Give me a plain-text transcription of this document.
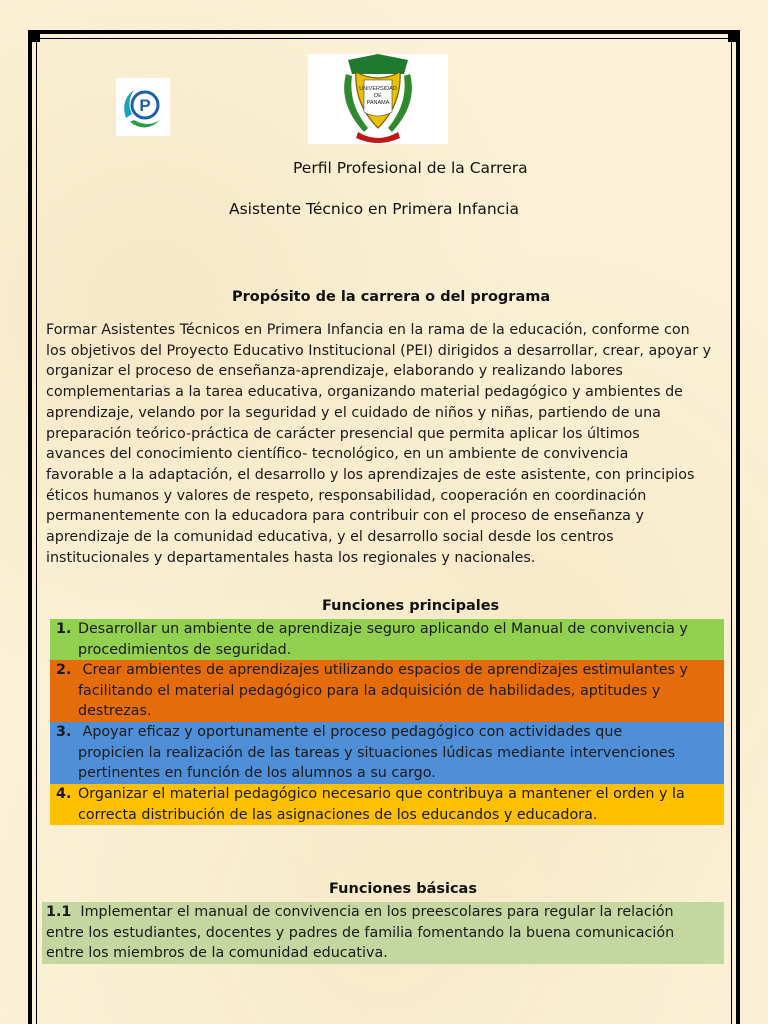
P
UNIVERSIDAD
DE
PANAMA
Perfil Profesional de la Carrera
Asistente Técnico en Primera Infancia
Propósito de la carrera o del programa
Formar Asistentes Técnicos en Primera Infancia en la rama de la educación, conforme con
los objetivos del Proyecto Educativo Institucional (PEI) dirigidos a desarrollar, crear, apoyar y
organizar el proceso de enseñanza-aprendizaje, elaborando y realizando labores
complementarias a la tarea educativa, organizando material pedagógico y ambientes de
aprendizaje, velando por la seguridad y el cuidado de niños y niñas, partiendo de una
preparación teórico-práctica de carácter presencial que permita aplicar los últimos
avances del conocimiento científico- tecnológico, en un ambiente de convivencia
favorable a la adaptación, el desarrollo y los aprendizajes de este asistente, con principios
éticos humanos y valores de respeto, responsabilidad, cooperación en coordinación
permanentemente con la educadora para contribuir con el proceso de enseñanza y
aprendizaje de la comunidad educativa, y el desarrollo social desde los centros
institucionales y departamentales hasta los regionales y nacionales.
Funciones principales
1. Desarrollar un ambiente de aprendizaje seguro aplicando el Manual de convivencia y
procedimientos de seguridad.
2. Crear ambientes de aprendizajes utilizando espacios de aprendizajes estimulantes y
facilitando el material pedagógico para la adquisición de habilidades, aptitudes y
destrezas.
3. Apoyar eficaz y oportunamente el proceso pedagógico con actividades que
propicien la realización de las tareas y situaciones lúdicas mediante intervenciones
pertinentes en función de los alumnos a su cargo.
4. Organizar el material pedagógico necesario que contribuya a mantener el orden y la
correcta distribución de las asignaciones de los educandos y educadora.
Funciones básicas
1.1  Implementar el manual de convivencia en los preescolares para regular la relación
entre los estudiantes, docentes y padres de familia fomentando la buena comunicación
entre los miembros de la comunidad educativa.
